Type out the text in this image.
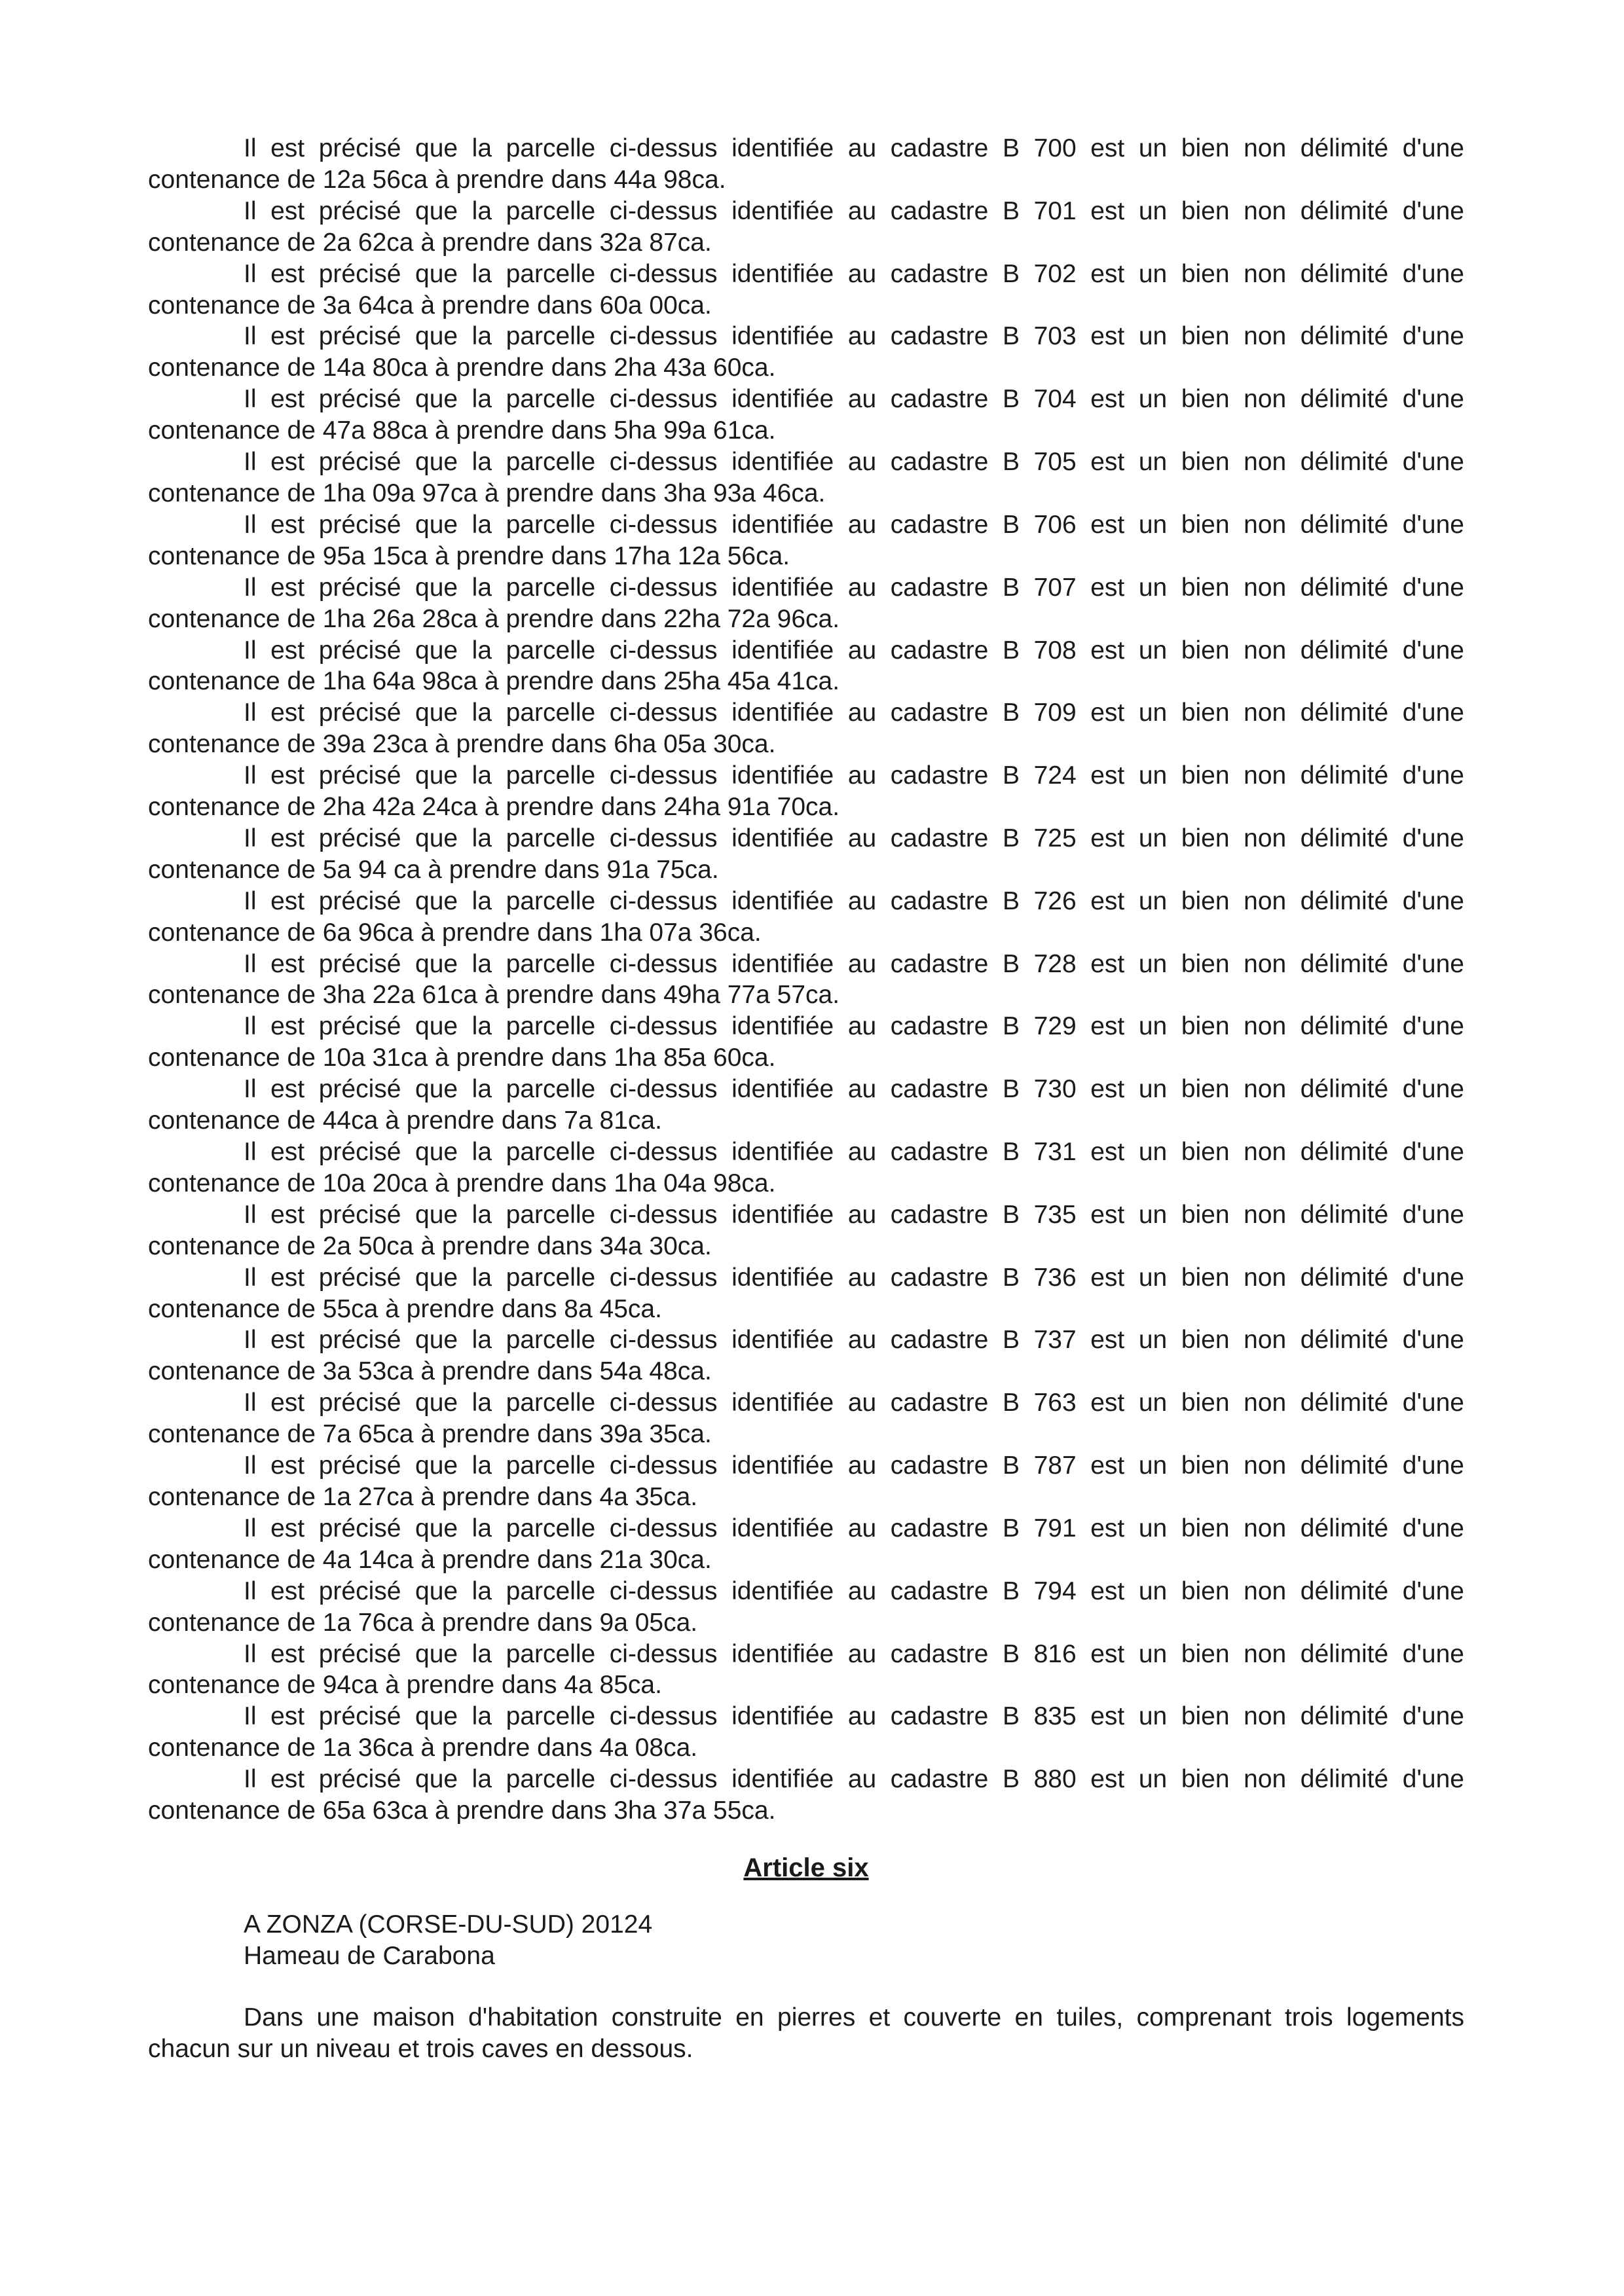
Il est précisé que la parcelle ci-dessus identifiée au cadastre B 700 est un bien non délimité d'une
contenance de 12a 56ca à prendre dans 44a 98ca.
Il est précisé que la parcelle ci-dessus identifiée au cadastre B 701 est un bien non délimité d'une
contenance de 2a 62ca à prendre dans 32a 87ca.
Il est précisé que la parcelle ci-dessus identifiée au cadastre B 702 est un bien non délimité d'une
contenance de 3a 64ca à prendre dans 60a 00ca.
Il est précisé que la parcelle ci-dessus identifiée au cadastre B 703 est un bien non délimité d'une
contenance de 14a 80ca à prendre dans 2ha 43a 60ca.
Il est précisé que la parcelle ci-dessus identifiée au cadastre B 704 est un bien non délimité d'une
contenance de 47a 88ca à prendre dans 5ha 99a 61ca.
Il est précisé que la parcelle ci-dessus identifiée au cadastre B 705 est un bien non délimité d'une
contenance de 1ha 09a 97ca à prendre dans 3ha 93a 46ca.
Il est précisé que la parcelle ci-dessus identifiée au cadastre B 706 est un bien non délimité d'une
contenance de 95a 15ca à prendre dans 17ha 12a 56ca.
Il est précisé que la parcelle ci-dessus identifiée au cadastre B 707 est un bien non délimité d'une
contenance de 1ha 26a 28ca à prendre dans 22ha 72a 96ca.
Il est précisé que la parcelle ci-dessus identifiée au cadastre B 708 est un bien non délimité d'une
contenance de 1ha 64a 98ca à prendre dans 25ha 45a 41ca.
Il est précisé que la parcelle ci-dessus identifiée au cadastre B 709 est un bien non délimité d'une
contenance de 39a 23ca à prendre dans 6ha 05a 30ca.
Il est précisé que la parcelle ci-dessus identifiée au cadastre B 724 est un bien non délimité d'une
contenance de 2ha 42a 24ca à prendre dans 24ha 91a 70ca.
Il est précisé que la parcelle ci-dessus identifiée au cadastre B 725 est un bien non délimité d'une
contenance de 5a 94 ca à prendre dans 91a 75ca.
Il est précisé que la parcelle ci-dessus identifiée au cadastre B 726 est un bien non délimité d'une
contenance de 6a 96ca à prendre dans 1ha 07a 36ca.
Il est précisé que la parcelle ci-dessus identifiée au cadastre B 728 est un bien non délimité d'une
contenance de 3ha 22a 61ca à prendre dans 49ha 77a 57ca.
Il est précisé que la parcelle ci-dessus identifiée au cadastre B 729 est un bien non délimité d'une
contenance de 10a 31ca à prendre dans 1ha 85a 60ca.
Il est précisé que la parcelle ci-dessus identifiée au cadastre B 730 est un bien non délimité d'une
contenance de 44ca à prendre dans 7a 81ca.
Il est précisé que la parcelle ci-dessus identifiée au cadastre B 731 est un bien non délimité d'une
contenance de 10a 20ca à prendre dans 1ha 04a 98ca.
Il est précisé que la parcelle ci-dessus identifiée au cadastre B 735 est un bien non délimité d'une
contenance de 2a 50ca à prendre dans 34a 30ca.
Il est précisé que la parcelle ci-dessus identifiée au cadastre B 736 est un bien non délimité d'une
contenance de 55ca à prendre dans 8a 45ca.
Il est précisé que la parcelle ci-dessus identifiée au cadastre B 737 est un bien non délimité d'une
contenance de 3a 53ca à prendre dans 54a 48ca.
Il est précisé que la parcelle ci-dessus identifiée au cadastre B 763 est un bien non délimité d'une
contenance de 7a 65ca à prendre dans 39a 35ca.
Il est précisé que la parcelle ci-dessus identifiée au cadastre B 787 est un bien non délimité d'une
contenance de 1a 27ca à prendre dans 4a 35ca.
Il est précisé que la parcelle ci-dessus identifiée au cadastre B 791 est un bien non délimité d'une
contenance de 4a 14ca à prendre dans 21a 30ca.
Il est précisé que la parcelle ci-dessus identifiée au cadastre B 794 est un bien non délimité d'une
contenance de 1a 76ca à prendre dans 9a 05ca.
Il est précisé que la parcelle ci-dessus identifiée au cadastre B 816 est un bien non délimité d'une
contenance de 94ca à prendre dans 4a 85ca.
Il est précisé que la parcelle ci-dessus identifiée au cadastre B 835 est un bien non délimité d'une
contenance de 1a 36ca à prendre dans 4a 08ca.
Il est précisé que la parcelle ci-dessus identifiée au cadastre B 880 est un bien non délimité d'une
contenance de 65a 63ca à prendre dans 3ha 37a 55ca.
Article six
A ZONZA (CORSE-DU-SUD) 20124
Hameau de Carabona
Dans une maison d'habitation construite en pierres et couverte en tuiles, comprenant trois logements
chacun sur un niveau et trois caves en dessous.
